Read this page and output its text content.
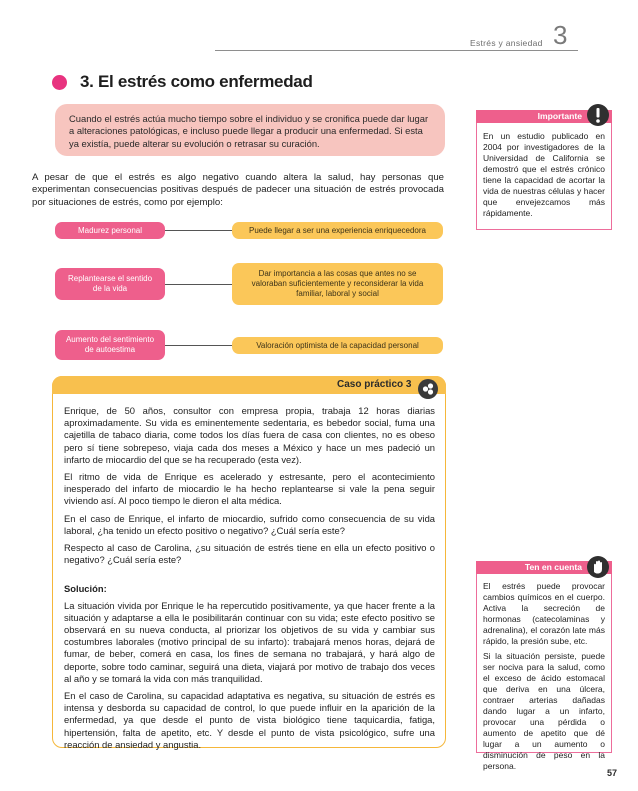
Estrés y ansiedad 3
3. El estrés como enfermedad
Cuando el estrés actúa mucho tiempo sobre el individuo y se cronifica puede dar lugar a alteraciones patológicas, e incluso puede llegar a producir una enfermedad. Si esta ya existía, puede alterar su evolución o retrasar su curación.
A pesar de que el estrés es algo negativo cuando altera la salud, hay personas que experimentan consecuencias positivas después de padecer una situación de estrés provocada por situaciones de estrés, como por ejemplo:
Madurez personal	Puede llegar a ser una experiencia enriquecedora
Replantearse el sentido de la vida
Dar importancia a las cosas que antes no se valoraban suficientemente y reconsiderar la vida familiar, laboral y social
Aumento del sentimiento de autoestima	Valoración optimista de la capacidad personal
Caso práctico 3

Enrique, de 50 años, consultor con empresa propia, trabaja 12 horas diarias aproximadamente. Su vida es eminentemente sedentaria, es bebedor social, fuma una cajetilla de tabaco diaria, come todos los días fuera de casa con clientes, no es obeso pero sí tiene sobrepeso, viaja cada dos meses a México y hace un mes padeció un infarto de miocardio del que se ha recuperado (esta vez).

El ritmo de vida de Enrique es acelerado y estresante, pero el acontecimiento inesperado del infarto de miocardio le ha hecho replantearse si vale la pena seguir viviendo así. Al poco tiempo le dieron el alta médica.

En el caso de Enrique, el infarto de miocardio, sufrido como consecuencia de su vida laboral, ¿ha tenido un efecto positivo o negativo? ¿Cuál sería este?

Respecto al caso de Carolina, ¿su situación de estrés tiene en ella un efecto positivo o negativo? ¿Cuál sería este?

Solución:

La situación vivida por Enrique le ha repercutido positivamente, ya que hacer frente a la situación y adaptarse a ella le posibilitarán continuar con su vida; este efecto positivo se observará en su nueva conducta, al priorizar los objetivos de su vida y cambiar sus costumbres laborales (motivo principal de su infarto): trabajará menos horas, dejará de fumar, de beber, comerá en casa, los fines de semana no trabajará, y hará algo de deporte, sobre todo caminar, seguirá una dieta, viajará por motivo de trabajo dos veces al año y se tomará la vida con más tranquilidad.

En el caso de Carolina, su capacidad adaptativa es negativa, su situación de estrés es intensa y desborda su capacidad de control, lo que puede influir en la aparición de la enfermedad, ya que desde el punto de vista biológico tiene taquicardia, fatiga, hipertensión, falta de apetito, etc. Y desde el punto de vista psicológico, sufre una reacción de ansiedad y angustia.

Importante

En un estudio publicado en 2004 por investigadores de la Universidad de California se demostró que el estrés crónico tiene la capacidad de acortar la vida de nuestras células y hacer que envejezcamos más rápidamente.

Ten en cuenta

El estrés puede provocar cambios químicos en el cuerpo. Activa la secreción de hormonas (catecolaminas y adrenalina), el corazón late más rápido, la presión sube, etc.

Si la situación persiste, puede ser nociva para la salud, como el exceso de ácido estomacal que deriva en una úlcera, contraer arterias dañadas dando lugar a un infarto, provocar una pérdida o aumento de apetito que dé lugar a un aumento o disminución de peso en la persona.

57
